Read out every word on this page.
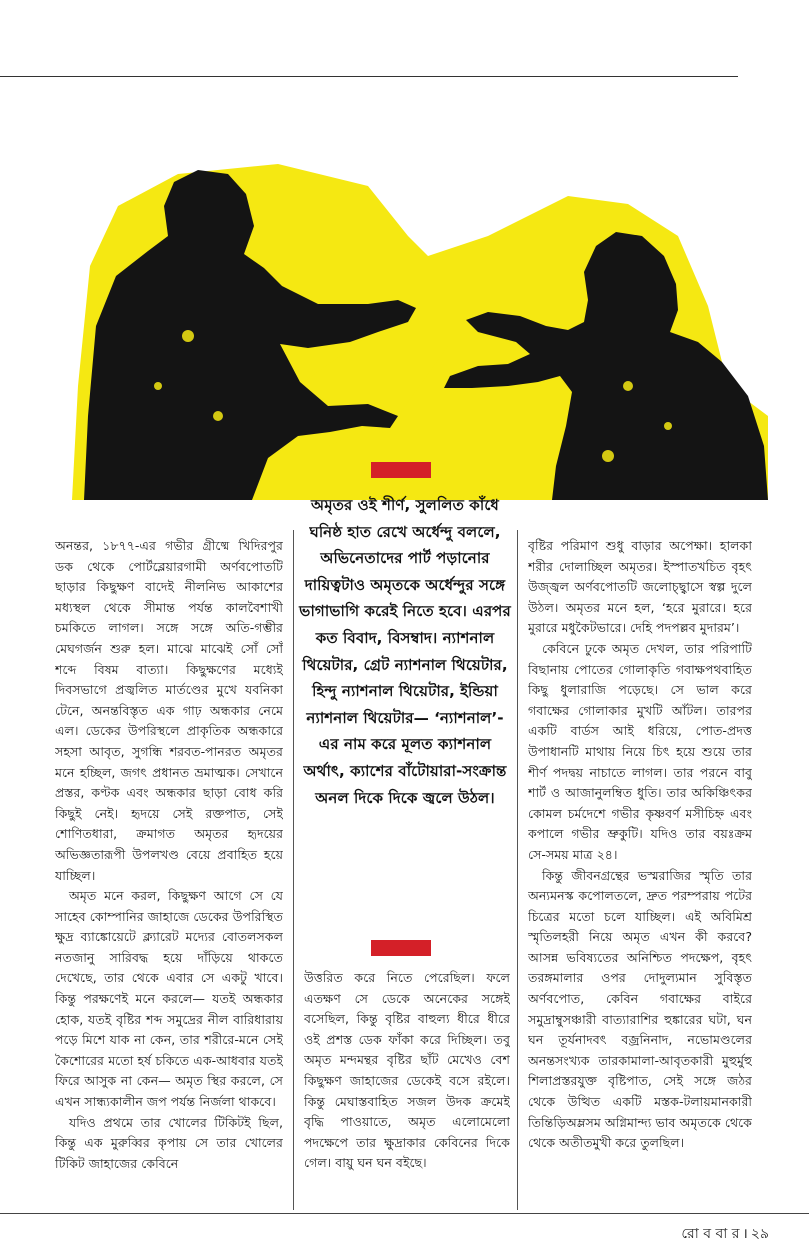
অনন্তর, ১৮৭৭-এর গভীর গ্রীষ্মে খিদিরপুর ডক থেকে পোর্টব্লেয়ারগামী অর্ণবপোতটি ছাড়ার কিছুক্ষণ বাদেই নীলনিভ আকাশের মধ্যস্থল থেকে সীমান্ত পর্যন্ত কালবৈশাখী চমকিতে লাগল। সঙ্গে সঙ্গে অতি-গম্ভীর মেঘগর্জন শুরু হল। মাঝে মাঝেই সোঁ সোঁ শব্দে বিষম বাত্যা। কিছুক্ষণের মধ্যেই দিবসভাগে প্রজ্বলিত মার্তণ্ডের মুখে যবনিকা টেনে, অনন্তবিস্তৃত এক গাঢ় অন্ধকার নেমে এল। ডেকের উপরিস্থলে প্রাকৃতিক অন্ধকারে সহসা আবৃত, সুগন্ধি শরবত-পানরত অমৃতর মনে হচ্ছিল, জগৎ প্রধানত ভ্রমাত্মক। সেখানে প্রস্তর, কণ্টক এবং অন্ধকার ছাড়া বোধ করি কিছুই নেই। হৃদয়ে সেই রক্তপাত, সেই শোণিতধারা, ক্রমাগত অমৃতর হৃদয়ের অভিজ্ঞতারূপী উপলখণ্ড বেয়ে প্রবাহিত হয়ে যাচ্ছিল।

অমৃত মনে করল, কিছুক্ষণ আগে সে যে সাহেব কোম্পানির জাহাজে ডেকের উপরিস্থিত ক্ষুদ্র ব্যাঙ্কোয়েটে ক্ল্যারেট মদ্যের বোতলসকল নতজানু সারিবদ্ধ হয়ে দাঁড়িয়ে থাকতে দেখেছে, তার থেকে এবার সে একটু খাবে। কিন্তু পরক্ষণেই মনে করলে— যতই অন্ধকার হোক, যতই বৃষ্টির শব্দ সমুদ্রের নীল বারিধারায় পড়ে মিশে যাক না কেন, তার শরীরে-মনে সেই কৈশোরের মতো হর্ষ চকিতে এক-আধবার যতই ফিরে আসুক না কেন— অমৃত স্থির করলে, সে এখন সান্ধ্যকালীন জপ পর্যন্ত নির্জলা থাকবে।

যদিও প্রথমে তার খোলের টিকিটই ছিল, কিন্তু এক মুরুব্বির কৃপায় সে তার খোলের টিকিট জাহাজের কেবিনে

অমৃতর ওই শীর্ণ, সুললিত কাঁধে ঘনিষ্ঠ হাত রেখে অর্ধেন্দু বললে, অভিনেতাদের পার্ট পড়ানোর দায়িত্বটাও অমৃতকে অর্ধেন্দুর সঙ্গে ভাগাভাগি করেই নিতে হবে। এরপর কত বিবাদ, বিসম্বাদ। ন্যাশনাল থিয়েটার, গ্রেট ন্যাশনাল থিয়েটার, হিন্দু ন্যাশনাল থিয়েটার, ইন্ডিয়া ন্যাশনাল থিয়েটার— ‘ন্যাশনাল’- এর নাম করে মূলত ক্যাশনাল অর্থাৎ, ক্যাশের বাঁটোয়ারা-সংক্রান্ত অনল দিকে দিকে জ্বলে উঠল।

উত্তরিত করে নিতে পেরেছিল। ফলে এতক্ষণ সে ডেকে অনেকের সঙ্গেই বসেছিল, কিন্তু বৃষ্টির বাহুল্য ধীরে ধীরে ওই প্রশস্ত ডেক ফাঁকা করে দিচ্ছিল। তবু অমৃত মন্দমন্থর বৃষ্টির ছাঁট মেখেও বেশ কিছুক্ষণ জাহাজের ডেকেই বসে রইলে। কিন্তু মেঘাস্তবাহিত সজল উদক ক্রমেই বৃদ্ধি পাওয়াতে, অমৃত এলোমেলো পদক্ষেপে তার ক্ষুদ্রাকার কেবিনের দিকে গেল। বায়ু ঘন ঘন বইছে।

বৃষ্টির পরিমাণ শুধু বাড়ার অপেক্ষা। হালকা শরীর দোলাচ্ছিল অমৃতর। ইস্পাতখচিত বৃহৎ উজ্জ্বল অর্ণবপোতটি জলোচ্ছ্বাসে স্বল্প দুলে উঠল। অমৃতর মনে হল, ‘হরে মুরারে। হরে মুরারে মধুকৈটভারে। দেহি পদপল্লব মুদারম’।

কেবিনে ঢুকে অমৃত দেখল, তার পরিপাটি বিছানায় পোতের গোলাকৃতি গবাক্ষপথবাহিত কিছু ধুলারাজি পড়েছে। সে ভাল করে গবাক্ষের গোলাকার মুখটি আঁটল। তারপর একটি বার্ডস আই ধরিয়ে, পোত-প্রদত্ত উপাধানটি মাথায় নিয়ে চিৎ হয়ে শুয়ে তার শীর্ণ পদদ্বয় নাচাতে লাগল। তার পরনে বাবু শার্ট ও আজানুলম্বিত ধুতি। তার অকিঞ্চিৎকর কোমল চর্মদেশে গভীর কৃষ্ণবর্ণ মসীচিহ্ন এবং কপালে গভীর ভ্রুকুটি। যদিও তার বয়ঃক্রম সে-সময় মাত্র ২৪।

কিন্তু জীবনগ্রন্থের ভস্মরাজির স্মৃতি তার অন্যমনস্ক কপোলতলে, দ্রুত পরম্পরায় পটের চিত্রের মতো চলে যাচ্ছিল। এই অবিমিশ্র স্মৃতিলহরী নিয়ে অমৃত এখন কী করবে? আসন্ন ভবিষ্যতের অনিশ্চিত পদক্ষেপ, বৃহৎ তরঙ্গমালার ওপর দোদুল্যমান সুবিস্তৃত অর্ণবপোত, কেবিন গবাক্ষের বাইরে সমুদ্রাম্বুসঞ্চারী বাত্যারাশির হুঙ্কারের ঘটা, ঘন ঘন তূর্যনাদবৎ বজ্রনিনাদ, নভোমণ্ডলের অনন্তসংখ্যক তারকামালা-আবৃতকারী মুহুর্মুহু শিলাপ্রস্তরযুক্ত বৃষ্টিপাত, সেই সঙ্গে জঠর থেকে উত্থিত একটি মস্তক-টলায়মানকারী তিন্তিড়িঅম্লসম অগ্নিমান্দ্য ভাব অমৃতকে থেকে থেকে অতীতমুখী করে তুলছিল।

রো ব বা র । ২৯
